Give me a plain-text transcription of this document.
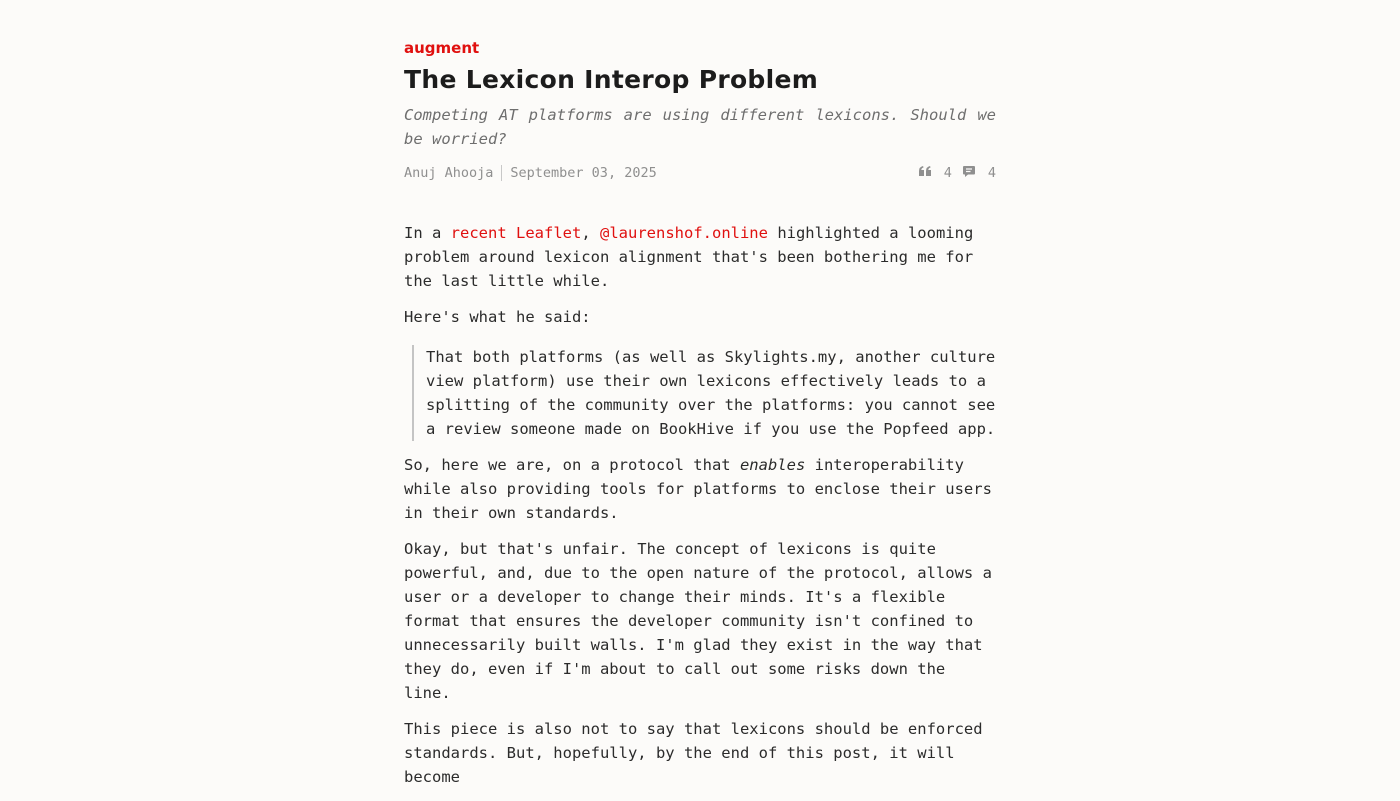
augment
The Lexicon Interop Problem

Competing AT platforms are using different lexicons. Should we be worried?

Anuj Ahooja September 03, 2025	4	4

In a recent Leaflet, @laurenshof.online highlighted a looming problem around lexicon alignment that's been bothering me for the last little while.

Here's what he said:

That both platforms (as well as Skylights.my, another culture view platform) use their own lexicons effectively leads to a splitting of the community over the platforms: you cannot see a review someone made on BookHive if you use the Popfeed app.

So, here we are, on a protocol that enables interoperability while also providing tools for platforms to enclose their users in their own standards.

Okay, but that's unfair. The concept of lexicons is quite powerful, and, due to the open nature of the protocol, allows a user or a developer to change their minds. It's a flexible format that ensures the developer community isn't confined to unnecessarily built walls. I'm glad they exist in the way that they do, even if I'm about to call out some risks down the line.

This piece is also not to say that lexicons should be enforced standards. But, hopefully, by the end of this post, it will become
